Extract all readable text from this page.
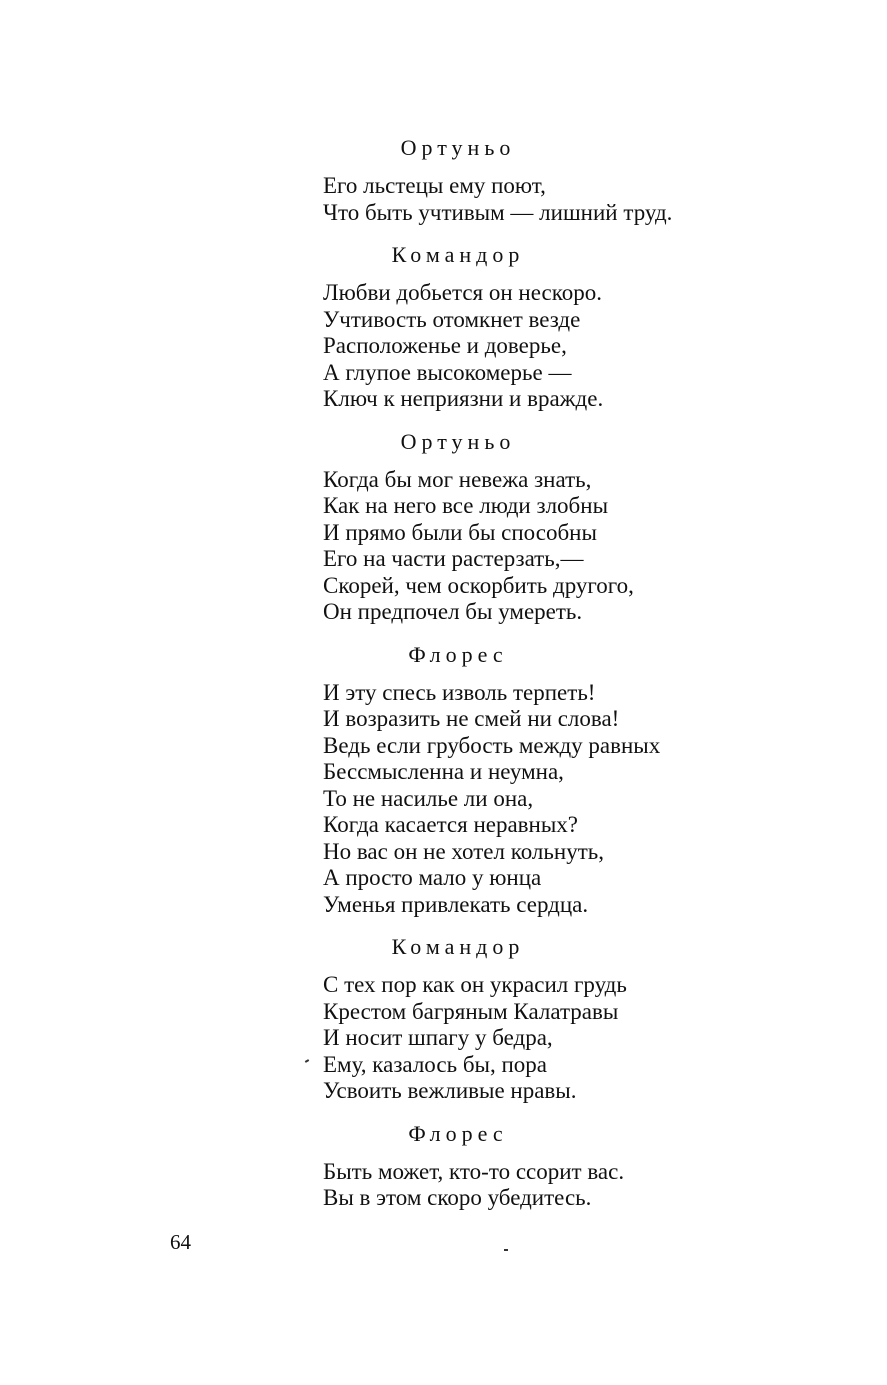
Ортуньо
Его льстецы ему поют,
Что быть учтивым — лишний труд.
Командор
Любви добьется он нескоро.
Учтивость отомкнет везде
Расположенье и доверье,
А глупое высокомерье —
Ключ к неприязни и вражде.
Ортуньо
Когда бы мог невежа знать,
Как на него все люди злобны
И прямо были бы способны
Его на части растерзать,—
Скорей, чем оскорбить другого,
Он предпочел бы умереть.
Флорес
И эту спесь изволь терпеть!
И возразить не смей ни слова!
Ведь если грубость между равных
Бессмысленна и неумна,
То не насилье ли она,
Когда касается неравных?
Но вас он не хотел кольнуть,
А просто мало у юнца
Уменья привлекать сердца.
Командор
С тех пор как он украсил грудь
Крестом багряным Калатравы
И носит шпагу у бедра,
Ему, казалось бы, пора
Усвоить вежливые нравы.
Флорес
Быть может, кто-то ссорит вас.
Вы в этом скоро убедитесь.
64
